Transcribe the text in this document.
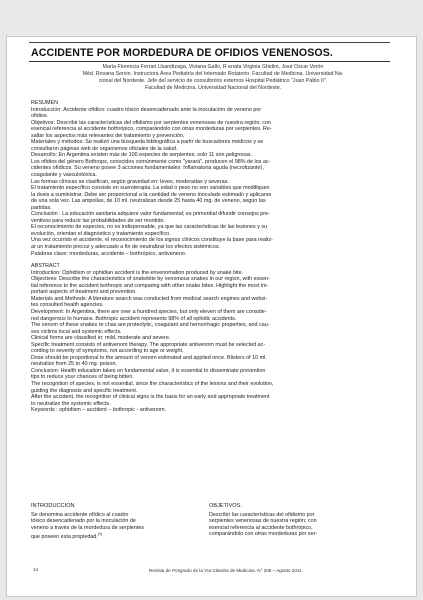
ACCIDENTE POR MORDEDURA DE OFIDIOS VENENOSOS.
María Florencia Ferrari Usandizaga, Viviana Gallo, R enata Virginia Ghidini, José Oscar Verón
Méd. Rovana Servin. Instructora Área Pediatría del Internado Rotatorio. Facultad de Medicina. Universidad Na-
cional del Nordeste. Jefe del servicio de consultorios externos Hospital Pediátrico "Juan Pablo II".
Facultad de Medicina. Universidad Nacional del Nordeste.

RESUMEN

Introducción: Accidente ofídico: cuadro tóxico desencadenado ante la inoculación de veneno por
ofidios.
Objetivos: Describir las características del ofidismo por serpientes venenosas de nuestra región; con
esencial referencia al accidente bothrópico, comparándolo con otras mordeduras por serpientes. Re-
saltar los aspectos más relevantes del tratamiento y prevención.
Materiales y métodos: Se realizó una búsqueda bibliográfica a partir de buscadores médicos y se
consultaron páginas web de organismos oficiales de la salud.
Desarrollo: En Argentina existen más de 100 especies de serpientes; solo 11 son peligrosas.
Los ofidios del género Bothrops, conocidos comúnmente como "yarará", producen el 98% de los ac-
cidentes ofídicos. Su veneno posee 3 acciones fundamentales: Inflamatoria aguda (necrotizante),
coagulante y vasculotóxica.
Las formas clínicas se clasifican, según gravedad en: leves, moderadas y severas.
El tratamiento específico consiste en sueroterapia. La edad o peso no son variables que modifiquen
la dosis a suministrar. Debe ser proporcional a la cantidad de veneno inoculado estimado y aplicarse
de una sola vez. Las ampollas, de 10 ml. neutralizan desde 25 hasta 40 mg. de veneno, según las
partidas.
Conclusión : La educación sanitaria adquiere valor fundamental; es primordial difundir consejos pre-
ventivos para reducir las probabilidades de ser mordido.
El reconocimiento de especies, no es indispensable, ya que las características de las lesiones y su
evolución, orientan el diagnóstico y tratamiento específico.
Una vez ocurrido el accidente, el reconocimiento de los signos clínicos constituye la base para realiz-
ar un tratamiento precoz y adecuado a fin de neutralizar los efectos sistémicos.
Palabras clave: mordeduras, accidente – bothrópico, antiveneno.

ABSTRACT

Introduction: Ophidism or ophidian accident is the envenomation produced by snake bite.
Objectives: Describe the characteristics of snakebite by venomous snakes in our region, with essen-
tial reference to the accident bothropic and comparing with other snake bites. Highlight the most im-
portant aspects of treatment and prevention.
Materials and Methods: A literature search was conducted from medical search engines and websi-
tes consulted health agencies.
Development: In Argentina, there are over a hundred species, but only eleven of them are conside-
red dangerous to humans. Bothropic accident represents 98% of all ophidic accidents.
The venom of these snakes re chas are proteolytic, coagulant and hemorrhagic properties, and cau-
ses victims local and systemic effects.
Clinical forms are classified in: mild, moderate and severe.
Specific treatment consists of antivenom therapy. The appropriate antivenom must be selected ac-
cording to severity of symptoms, not according to age or weight.
Dose should be proportional to the amount of venom estimated and applied once. Blisters of 10 ml.
neutralize from 25 to 40 mg. poison.
Conclusion: Health education takes on fundamental value, it is essential to disseminate prevention
tips to reduce your chances of being bitten.
The recognition of species, is not essential, since the characteristics of the lesions and their evolution,
guiding the diagnosis and specific treatment.
After the accident, the recognition of clinical signs is the basis for an early and appropriate treatment
to neutralize the systemic effects.
Keywords : ophidism – accident – bothropic - antivenom.
INTRODUCCION
Se denomina accidente ofídico al cuadro
tóxico desencadenado por la inoculación de
veneno a través de la mordedura de serpientes
que poseen esta propiedad.$^{(1)}$
OBJETIVOS.
Describir las características del ofidismo por
serpientes venenosas de nuestra región; con
esencial referencia al accidente bothrópico,
comparándolo con otras mordeduras por ser-
14	Revista de Posgrado de la VIa Cátedra de Medicina. N° 208 – Agosto 2011
